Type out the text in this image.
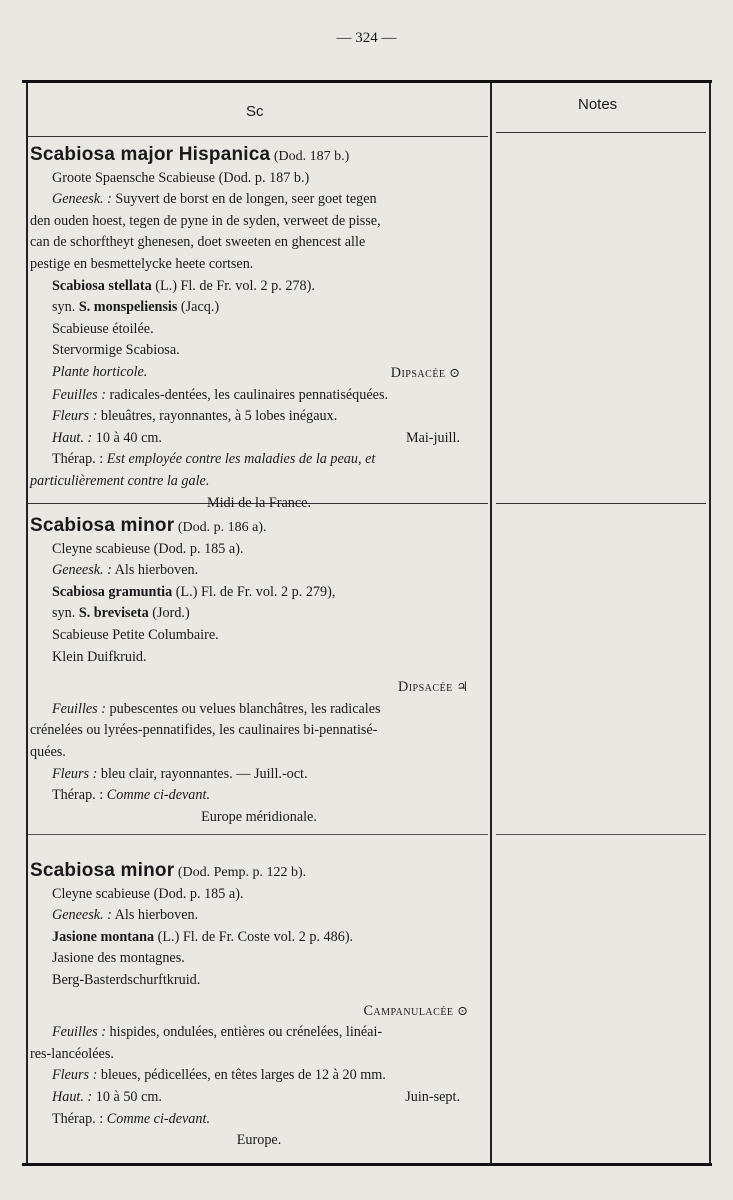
— 324 —
Sc	Notes

Scabiosa major Hispanica (Dod. 187 b.)

Groote Spaensche Scabieuse (Dod. p. 187 b.)

Geneesk. : Suyvert de borst en de longen, seer goet tegen

den ouden hoest, tegen de pyne in de syden, verweet de pisse,

can de schorftheyt ghenesen, doet sweeten en ghencest alle

pestige en besmettelycke heete cortsen.

Scabiosa stellata (L.) Fl. de Fr. vol. 2 p. 278).

syn. S. monspeliensis (Jacq.)

Scabieuse étoilée.

Stervormige Scabiosa.

Plante horticole.	Dipsacée ⊙

Feuilles : radicales-dentées, les caulinaires pennatiséquées.

Fleurs : bleuâtres, rayonnantes, à 5 lobes inégaux.

Haut. : 10 à 40 cm.	Mai-juill.

Thérap. : Est employée contre les maladies de la peau, et

particulièrement contre la gale.

Midi de la France.

Scabiosa minor (Dod. p. 186 a).

Cleyne scabieuse (Dod. p. 185 a).

Geneesk. : Als hierboven.

Scabiosa gramuntia (L.) Fl. de Fr. vol. 2 p. 279),

syn. S. breviseta (Jord.)

Scabieuse Petite Columbaire.

Klein Duifkruid.

Dipsacée ♃

Feuilles : pubescentes ou velues blanchâtres, les radicales

crénelées ou lyrées-pennatifides, les caulinaires bi-pennatisé-

quées.

Fleurs : bleu clair, rayonnantes. — Juill.-oct.

Thérap. : Comme ci-devant.

Europe méridionale.

Scabiosa minor (Dod. Pemp. p. 122 b).

Cleyne scabieuse (Dod. p. 185 a).

Geneesk. : Als hierboven.

Jasione montana (L.) Fl. de Fr. Coste vol. 2 p. 486).

Jasione des montagnes.

Berg-Basterdschurftkruid.

Campanulacée ⊙

Feuilles : hispides, ondulées, entières ou crénelées, linéai-

res-lancéolées.

Fleurs : bleues, pédicellées, en têtes larges de 12 à 20 mm.

Haut. : 10 à 50 cm.	Juin-sept.

Thérap. : Comme ci-devant.

Europe.
